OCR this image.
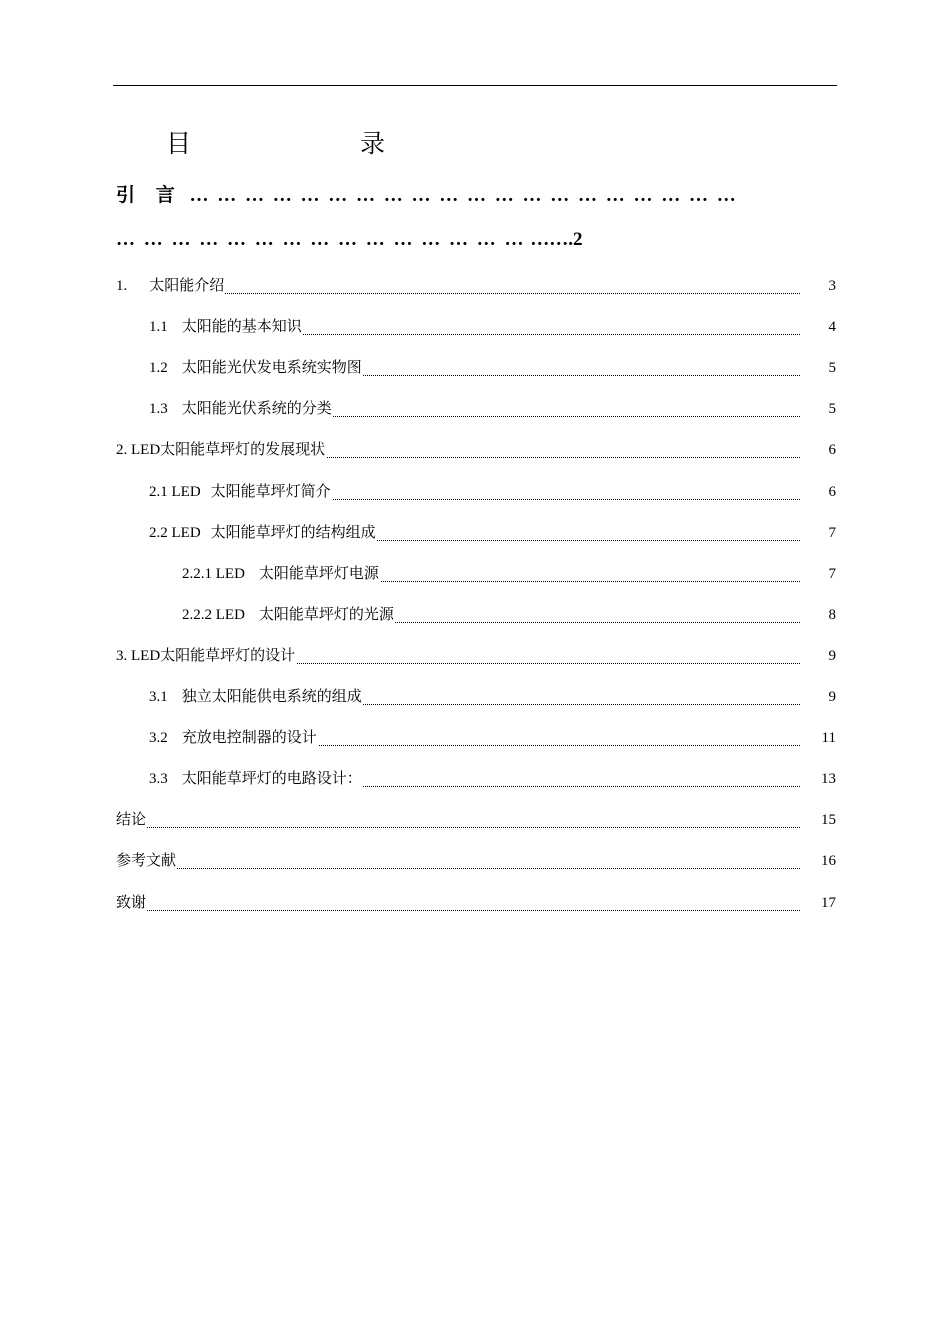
目　录
引 言 … … … … … … … … … … … … … … … … … … … …
… … … … … … … … … … … … … … … …….2
1. 太阳能介绍	3
1.1 太阳能的基本知识	4
1.2 太阳能光伏发电系统实物图	5
1.3 太阳能光伏系统的分类	5
2. LED太阳能草坪灯的发展现状	6
2.1 LED 太阳能草坪灯简介	6
2.2 LED 太阳能草坪灯的结构组成	7
2.2.1 LED 太阳能草坪灯电源	7
2.2.2 LED 太阳能草坪灯的光源	8
3. LED太阳能草坪灯的设计	9
3.1 独立太阳能供电系统的组成	9
3.2 充放电控制器的设计	11
3.3 太阳能草坪灯的电路设计：	13
结论	15
参考文献	16
致谢	17
